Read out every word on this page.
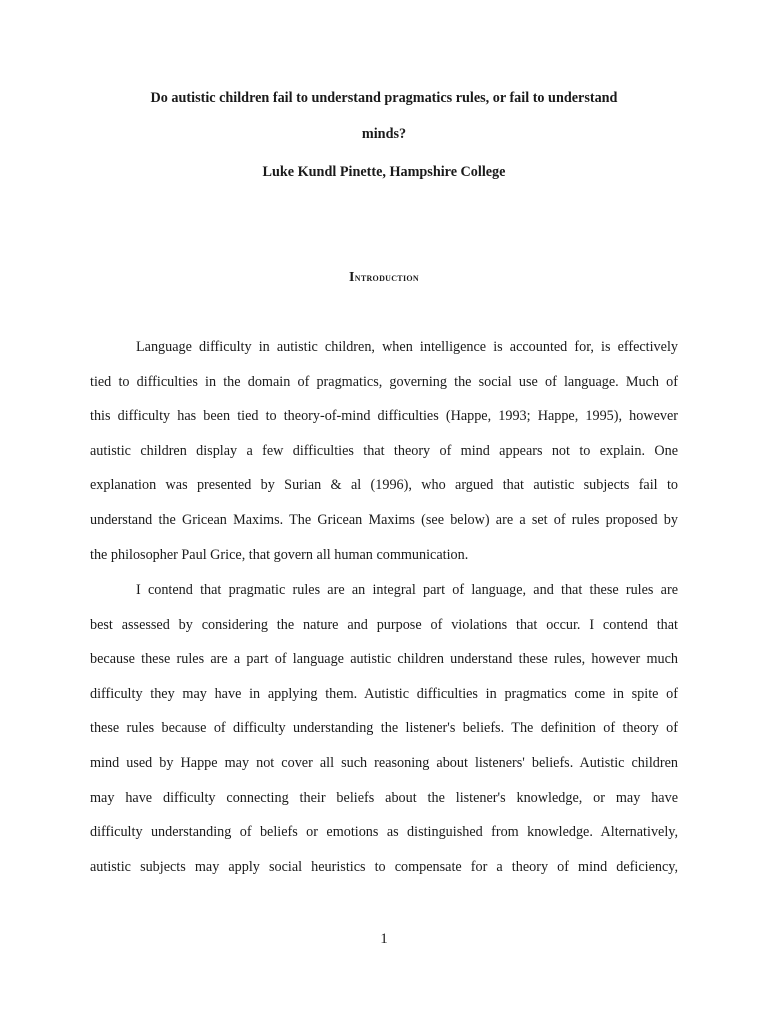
Do autistic children fail to understand pragmatics rules, or fail to understand
minds?

Luke Kundl Pinette, Hampshire College

Introduction
Language difficulty in autistic children, when intelligence is accounted for, is effectively
tied to difficulties in the domain of pragmatics, governing the social use of language. Much of
this difficulty has been tied to theory-of-mind difficulties (Happe, 1993; Happe, 1995), however
autistic children display a few difficulties that theory of mind appears not to explain. One
explanation was presented by Surian & al (1996), who argued that autistic subjects fail to
understand the Gricean Maxims. The Gricean Maxims (see below) are a set of rules proposed by
the philosopher Paul Grice, that govern all human communication.
I contend that pragmatic rules are an integral part of language, and that these rules are
best assessed by considering the nature and purpose of violations that occur. I contend that
because these rules are a part of language autistic children understand these rules, however much
difficulty they may have in applying them. Autistic difficulties in pragmatics come in spite of
these rules because of difficulty understanding the listener's beliefs. The definition of theory of
mind used by Happe may not cover all such reasoning about listeners' beliefs. Autistic children
may have difficulty connecting their beliefs about the listener's knowledge, or may have
difficulty understanding of beliefs or emotions as distinguished from knowledge. Alternatively,
autistic subjects may apply social heuristics to compensate for a theory of mind deficiency,

1
